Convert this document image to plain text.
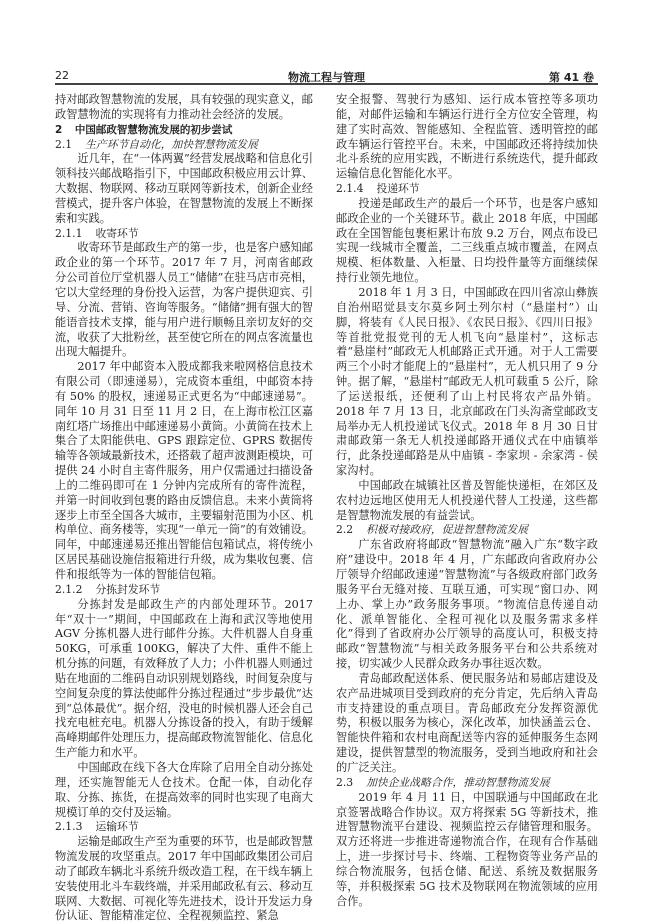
22	物流工程与管理	第 41 卷

持对邮政智慧物流的发展，具有较强的现实意义，邮政智慧物流的实现将有力推动社会经济的发展。

2 中国邮政智慧物流发展的初步尝试
2.1 生产环节自动化，加快智慧物流发展

近几年，在“一体两翼”经营发展战略和信息化引领科技兴邮战略指引下，中国邮政积极应用云计算、大数据、物联网、移动互联网等新技术，创新企业经营模式，提升客户体验，在智慧物流的发展上不断探索和实践。

2.1.1 收寄环节

收寄环节是邮政生产的第一步，也是客户感知邮政企业的第一个环节。2017 年 7 月，河南省邮政分公司首位厅堂机器人员工“储储”在驻马店市亮相，它以大堂经理的身份投入运营，为客户提供迎宾、引导、分流、营销、咨询等服务。“储储”拥有强大的智能语音技术支撑，能与用户进行顺畅且亲切友好的交流，收获了大批粉丝，甚至使它所在的网点客流量也出现大幅提升。

2017 年中邮资本入股成都我来啦网格信息技术有限公司（即速递易），完成资本重组，中邮资本持有 50% 的股权，速递易正式更名为“中邮速递易”。同年 10 月 31 日至 11 月 2 日，在上海市松江区嘉南红塔广场推出中邮速递易小黄筒。小黄筒在技术上集合了太阳能供电、GPS 跟踪定位、GPRS 数据传输等各领域最新技术，还搭载了超声波测距模块，可提供 24 小时自主寄件服务，用户仅需通过扫描设备上的二维码即可在 1 分钟内完成所有的寄件流程，并第一时间收到包裹的路由反馈信息。未来小黄筒将逐步上市至全国各大城市，主要辐射范围为小区、机构单位、商务楼等，实现“一单元一筒”的有效铺设。同年，中邮速递易还推出智能信包箱试点，将传统小区居民基础设施信报箱进行升级，成为集收包裹、信件和报纸等为一体的智能信包箱。

2.1.2 分拣封发环节

分拣封发是邮政生产的内部处理环节。2017 年“双十一”期间，中国邮政在上海和武汉等地使用 AGV 分拣机器人进行邮件分拣。大件机器人自身重 50KG，可承重 100KG，解决了大件、重件不能上机分拣的问题，有效释放了人力；小件机器人则通过贴在地面的二维码自动识别规划路线，时间复杂度与空间复杂度的算法使邮件分拣过程通过“步步最优”达到“总体最优”。据介绍，没电的时候机器人还会自己找充电桩充电。机器人分拣设备的投入，有助于缓解高峰期邮件处理压力，提高邮政物流智能化、信息化生产能力和水平。

中国邮政在线下各大仓库除了启用全自动分拣处理，还实施智能无人仓技术。仓配一体，自动化存取、分拣、拣货，在提高效率的同时也实现了电商大规模订单的交付及运输。

2.1.3 运输环节

运输是邮政生产至为重要的环节，也是邮政智慧物流发展的攻坚重点。2017 年中国邮政集团公司启动了邮政车辆北斗系统升级改造工程，在干线车辆上安装使用北斗车载终端，并采用邮政私有云、移动互联网、大数据、可视化等先进技术，设计开发运力身份认证、智能精准定位、全程视频监控、紧急

安全报警、驾驶行为感知、运行成本管控等多项功能，对邮件运输和车辆运行进行全方位安全管理，构建了实时高效、智能感知、全程监管、透明管控的邮政车辆运行管控平台。未来，中国邮政还将持续加快北斗系统的应用实践，不断进行系统迭代，提升邮政运输信息化智能化水平。

2.1.4 投递环节

投递是邮政生产的最后一个环节，也是客户感知邮政企业的一个关键环节。截止 2018 年底，中国邮政在全国智能包裹柜累计布放 9.2 万台，网点布设已实现一线城市全覆盖，二三线重点城市覆盖，在网点规模、柜体数量、入柜量、日均投件量等方面继续保持行业领先地位。

2018 年 1 月 3 日，中国邮政在四川省凉山彝族自治州昭觉县支尔莫乡阿土列尔村（“悬崖村”）山脚，将装有《人民日报》、《农民日报》、《四川日报》等首批党报党刊的无人机飞向“悬崖村”，这标志着“悬崖村”邮政无人机邮路正式开通。对于人工需要两三个小时才能爬上的“悬崖村”，无人机只用了 9 分钟。据了解，“悬崖村”邮政无人机可载重 5 公斤，除了运送报纸，还便利了山上村民将农产品外销。2018 年 7 月 13 日，北京邮政在门头沟斋堂邮政支局举办无人机投递试飞仪式。2018 年 8 月 30 日甘肃邮政第一条无人机投递邮路开通仪式在中庙镇举行，此条投递邮路是从中庙镇 - 李家坝 - 余家湾 - 侯家沟村。

中国邮政在城镇社区普及智能快递柜，在郊区及农村边远地区使用无人机投递代替人工投递，这些都是智慧物流发展的有益尝试。

2.2 积极对接政府，促进智慧物流发展

广东省政府将邮政“智慧物流”融入广东“数字政府”建设中。2018 年 4 月，广东邮政向省政府办公厅领导介绍邮政速递“智慧物流”与各级政府部门政务服务平台无缝对接、互联互通，可实现“窗口办、网上办、掌上办”政务服务事项。“物流信息传递自动化、派单智能化、全程可视化以及服务需求多样化”得到了省政府办公厅领导的高度认可，积极支持邮政“智慧物流”与相关政务服务平台和公共系统对接，切实减少人民群众政务办事往返次数。

青岛邮政配送体系、便民服务站和易邮店建设及农产品进城项目受到政府的充分肯定，先后纳入青岛市支持建设的重点项目。青岛邮政充分发挥资源优势，积极以服务为核心，深化改革，加快涵盖云仓、智能快件箱和农村电商配送等内容的延伸服务生态网建设，提供智慧型的物流服务，受到当地政府和社会的广泛关注。

2.3 加快企业战略合作，推动智慧物流发展

2019 年 4 月 11 日，中国联通与中国邮政在北京签署战略合作协议。双方将探索 5G 等新技术，推进智慧物流平台建设、视频监控云存储管理和服务。双方还将进一步推进寄递物流合作，在现有合作基础上，进一步探讨号卡、终端、工程物资等业务产品的综合物流服务，包括仓储、配送、系统及数据服务等，并积极探索 5G 技术及物联网在物流领域的应用合作。
